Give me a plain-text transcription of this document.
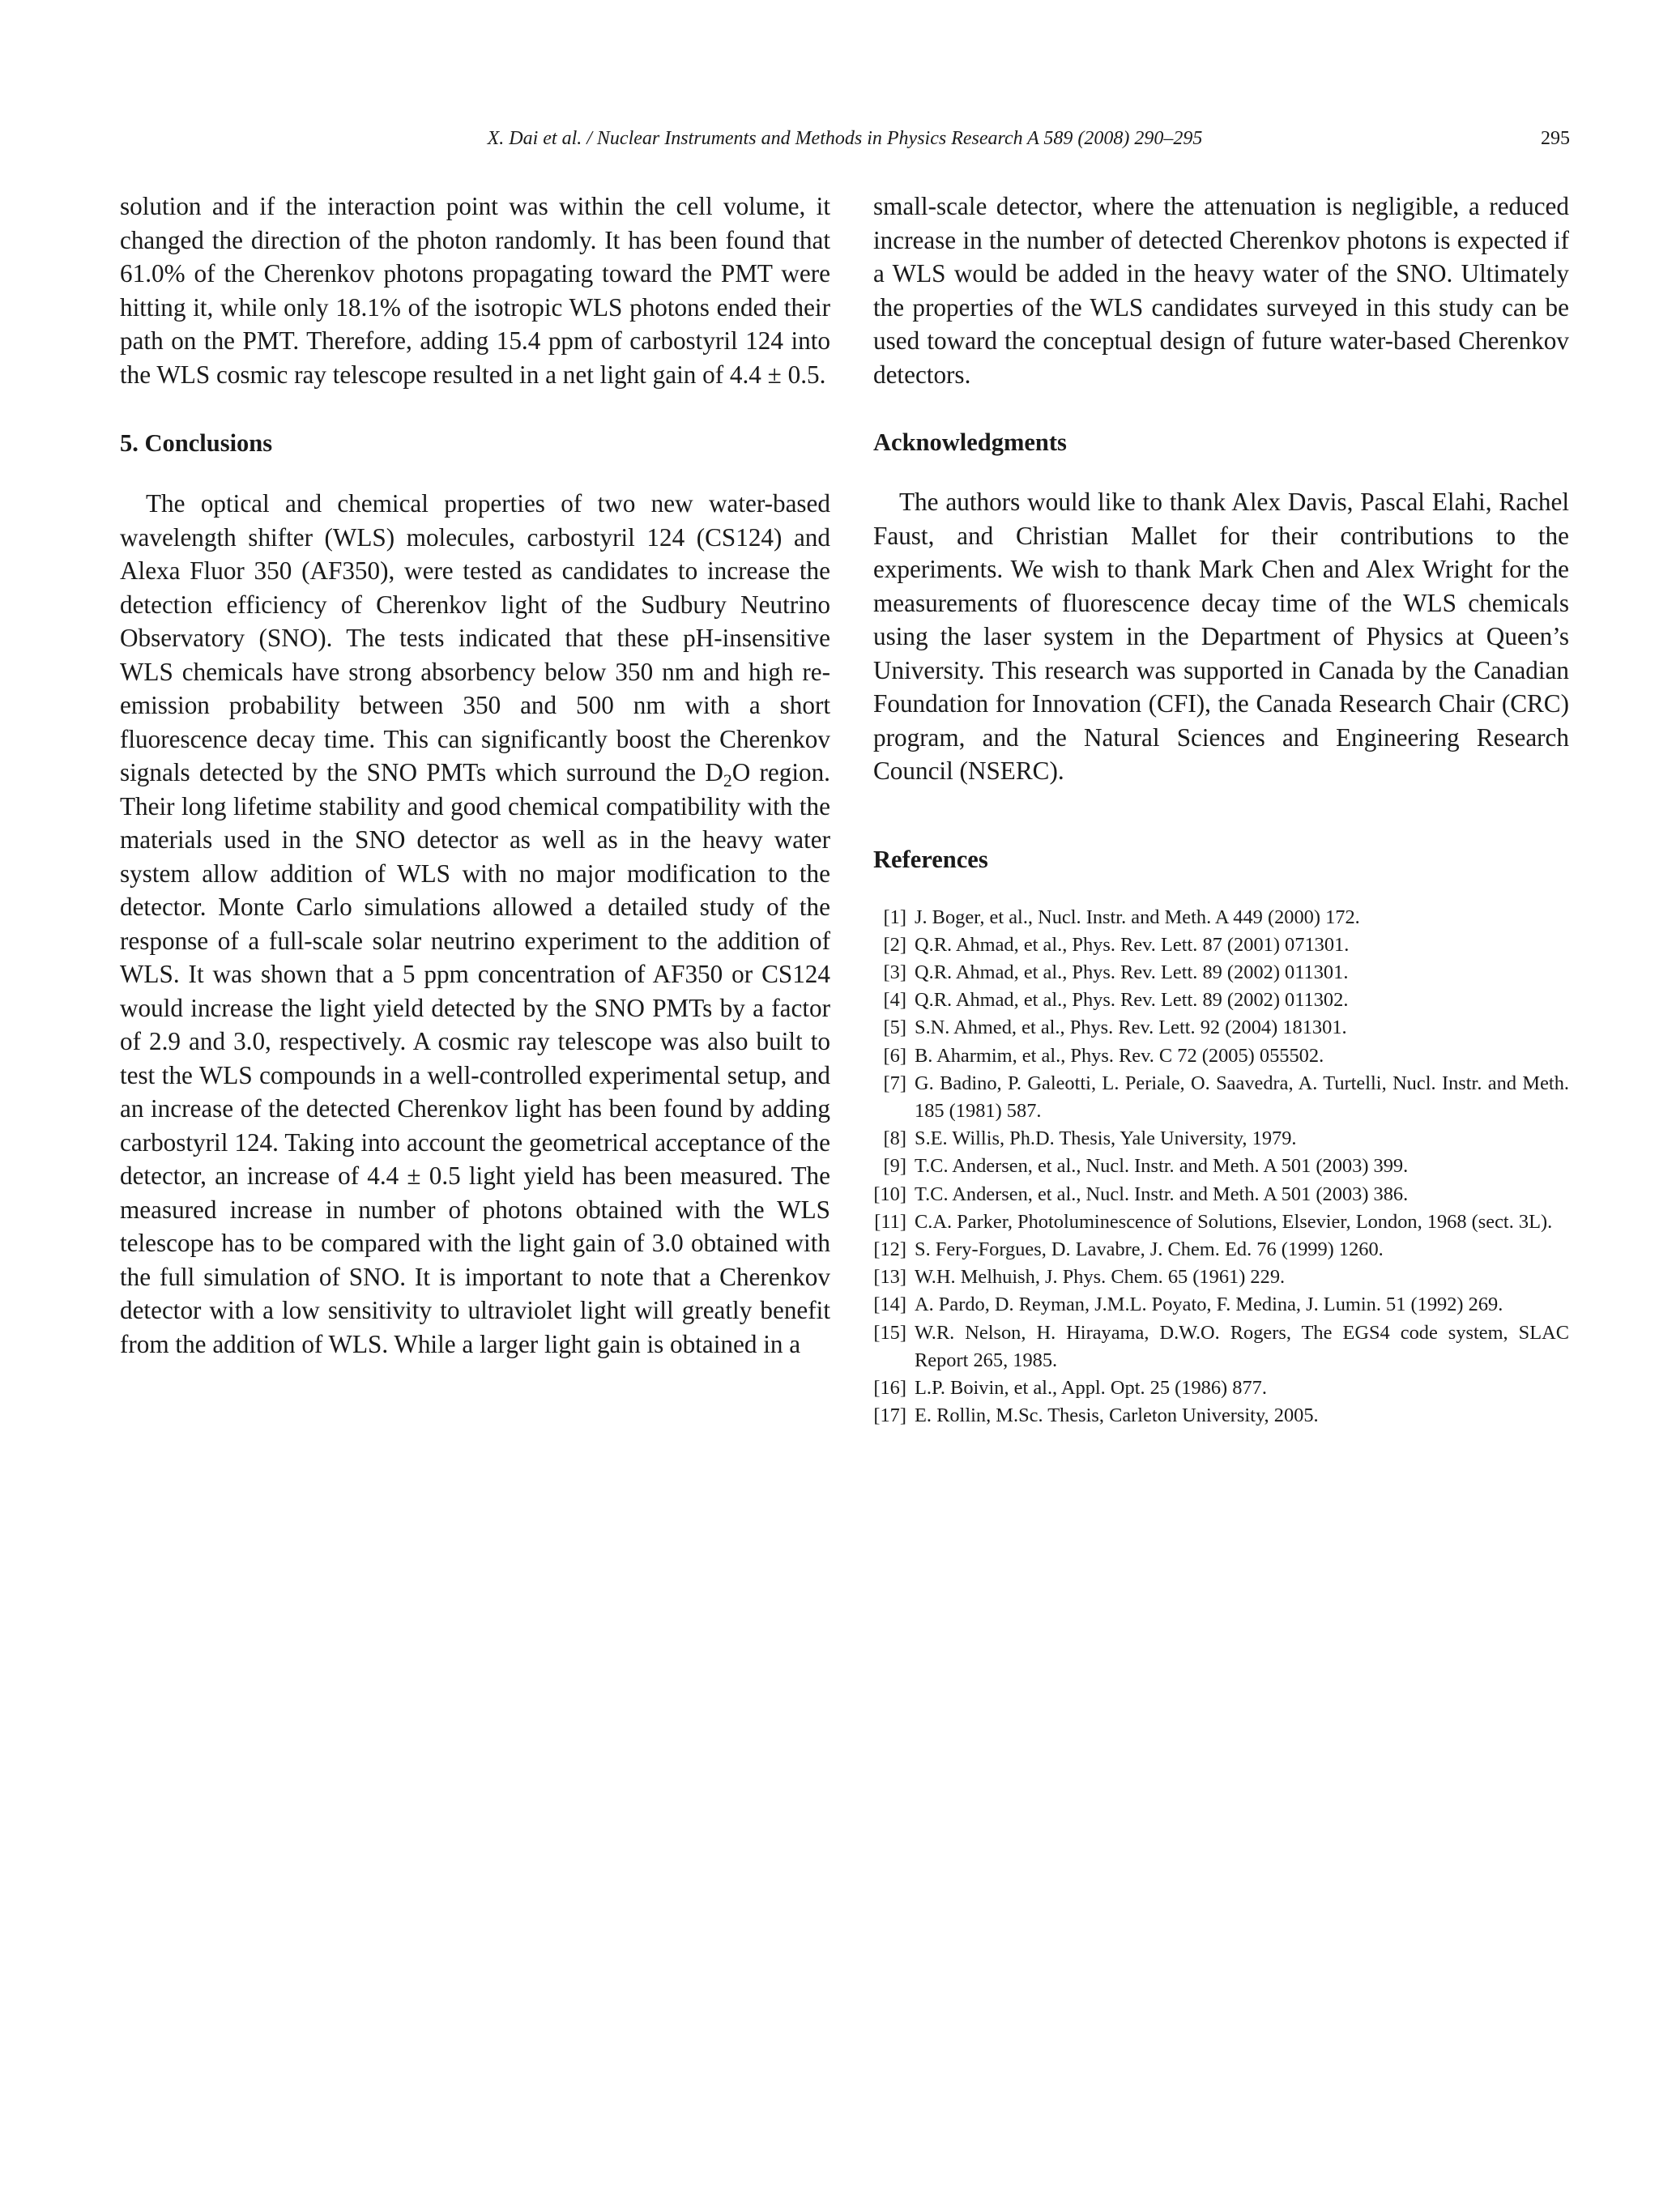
X. Dai et al. / Nuclear Instruments and Methods in Physics Research A 589 (2008) 290–295	295

solution and if the interaction point was within the cell volume, it changed the direction of the photon randomly. It has been found that 61.0% of the Cherenkov photons propagating toward the PMT were hitting it, while only 18.1% of the isotropic WLS photons ended their path on the PMT. Therefore, adding 15.4 ppm of carbostyril 124 into the WLS cosmic ray telescope resulted in a net light gain of 4.4 ± 0.5.

5. Conclusions

The optical and chemical properties of two new water-based wavelength shifter (WLS) molecules, carbostyril 124 (CS124) and Alexa Fluor 350 (AF350), were tested as candidates to increase the detection efficiency of Cherenkov light of the Sudbury Neutrino Observatory (SNO). The tests indicated that these pH-insensitive WLS chemicals have strong absorbency below 350 nm and high re-emission probability between 350 and 500 nm with a short fluorescence decay time. This can significantly boost the Cherenkov signals detected by the SNO PMTs which surround the $D_2O$ region. Their long lifetime stability and good chemical compatibility with the materials used in the SNO detector as well as in the heavy water system allow addition of WLS with no major modification to the detector. Monte Carlo simulations allowed a detailed study of the response of a full-scale solar neutrino experiment to the addition of WLS. It was shown that a 5 ppm concentration of AF350 or CS124 would increase the light yield detected by the SNO PMTs by a factor of 2.9 and 3.0, respectively. A cosmic ray telescope was also built to test the WLS compounds in a well-controlled experimental setup, and an increase of the detected Cherenkov light has been found by adding carbostyril 124. Taking into account the geometrical acceptance of the detector, an increase of 4.4 ± 0.5 light yield has been measured. The measured increase in number of photons obtained with the WLS telescope has to be compared with the light gain of 3.0 obtained with the full simulation of SNO. It is important to note that a Cherenkov detector with a low sensitivity to ultraviolet light will greatly benefit from the addition of WLS. While a larger light gain is obtained in a

small-scale detector, where the attenuation is negligible, a reduced increase in the number of detected Cherenkov photons is expected if a WLS would be added in the heavy water of the SNO. Ultimately the properties of the WLS candidates surveyed in this study can be used toward the conceptual design of future water-based Cherenkov detectors.

Acknowledgments

The authors would like to thank Alex Davis, Pascal Elahi, Rachel Faust, and Christian Mallet for their contributions to the experiments. We wish to thank Mark Chen and Alex Wright for the measurements of fluorescence decay time of the WLS chemicals using the laser system in the Department of Physics at Queen’s University. This research was supported in Canada by the Canadian Foundation for Innovation (CFI), the Canada Research Chair (CRC) program, and the Natural Sciences and Engineering Research Council (NSERC).

References
[1] J. Boger, et al., Nucl. Instr. and Meth. A 449 (2000) 172.
[2] Q.R. Ahmad, et al., Phys. Rev. Lett. 87 (2001) 071301.
[3] Q.R. Ahmad, et al., Phys. Rev. Lett. 89 (2002) 011301.
[4] Q.R. Ahmad, et al., Phys. Rev. Lett. 89 (2002) 011302.
[5] S.N. Ahmed, et al., Phys. Rev. Lett. 92 (2004) 181301.
[6] B. Aharmim, et al., Phys. Rev. C 72 (2005) 055502.
[7] G. Badino, P. Galeotti, L. Periale, O. Saavedra, A. Turtelli, Nucl. Instr. and Meth. 185 (1981) 587.
[8] S.E. Willis, Ph.D. Thesis, Yale University, 1979.
[9] T.C. Andersen, et al., Nucl. Instr. and Meth. A 501 (2003) 399.
[10] T.C. Andersen, et al., Nucl. Instr. and Meth. A 501 (2003) 386.
[11] C.A. Parker, Photoluminescence of Solutions, Elsevier, London, 1968 (sect. 3L).
[12] S. Fery-Forgues, D. Lavabre, J. Chem. Ed. 76 (1999) 1260.
[13] W.H. Melhuish, J. Phys. Chem. 65 (1961) 229.
[14] A. Pardo, D. Reyman, J.M.L. Poyato, F. Medina, J. Lumin. 51 (1992) 269.
[15] W.R. Nelson, H. Hirayama, D.W.O. Rogers, The EGS4 code system, SLAC Report 265, 1985.
[16] L.P. Boivin, et al., Appl. Opt. 25 (1986) 877.
[17] E. Rollin, M.Sc. Thesis, Carleton University, 2005.
